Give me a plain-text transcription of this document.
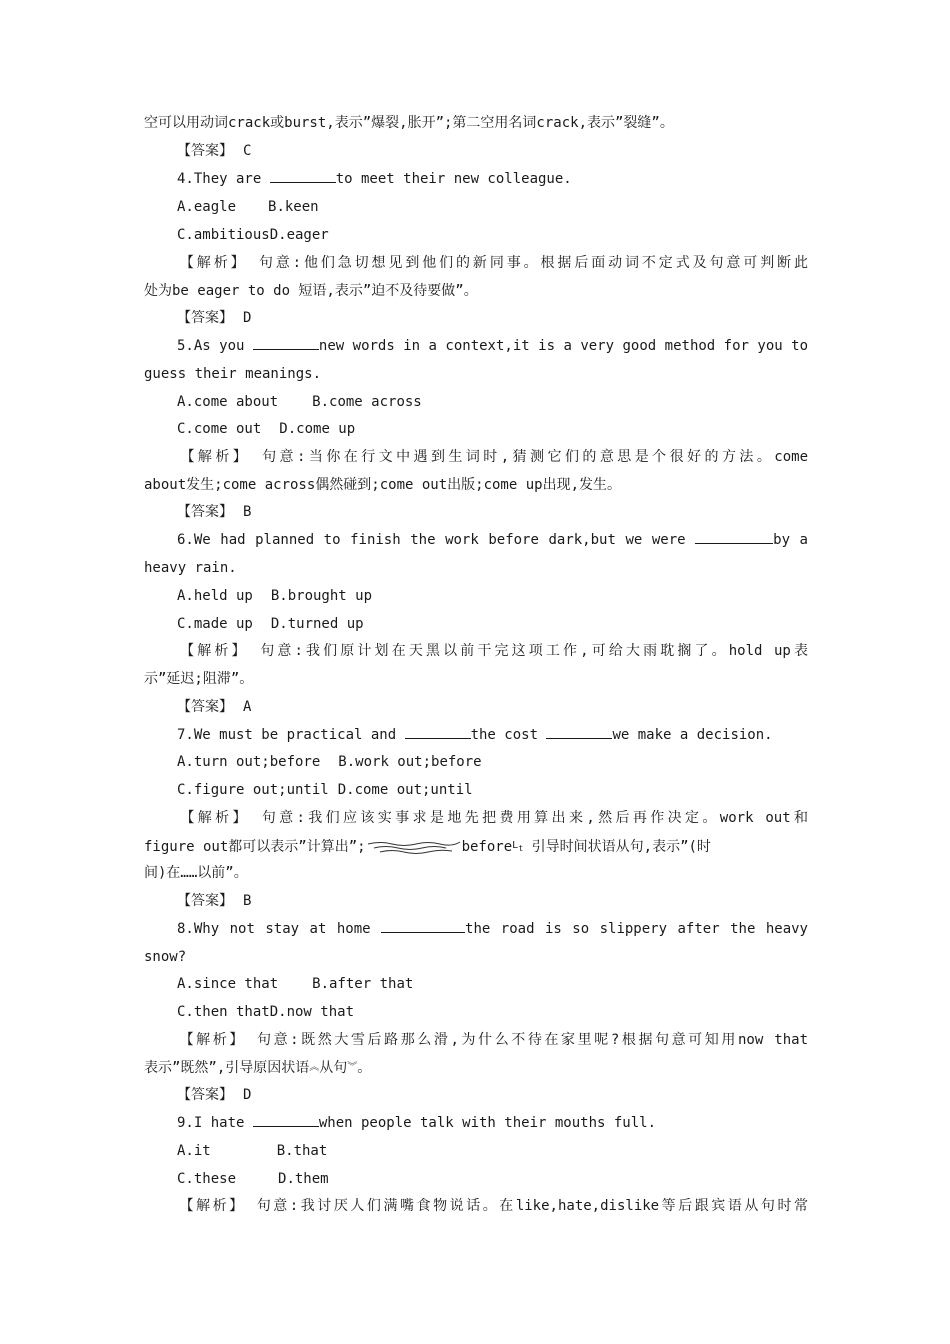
空可以用动词crack或burst,表示”爆裂,胀开”;第二空用名词crack,表示”裂缝”。
【答案】 C
4.They are	to meet their new colleague.
A.eagle B.keen
C.ambitiousD.eager
【解析】 句意:他们急切想见到他们的新同事。根据后面动词不定式及句意可判断此
处为be eager to do 短语,表示”迫不及待要做”。
【答案】 D
5.As you	new words in a context,it is a very good method for you to
guess their meanings.
A.come about B.come across
C.come out D.come up
【解析】 句意:当你在行文中遇到生词时,猜测它们的意思是个很好的方法。come
about发生;come across偶然碰到;come out出版;come up出现,发生。
【答案】 B
6.We had planned to finish the work before dark,but we were	by a
heavy rain.
A.held up B.brought up
C.made up D.turned up
【解析】 句意:我们原计划在天黑以前干完这项工作,可给大雨耽搁了。hold up表
示”延迟;阻滞”。
【答案】 A
7.We must be practical and	the cost	we make a decision.
A.turn out;before B.work out;before
C.figure out;until D.come out;until
【解析】 句意:我们应该实事求是地先把费用算出来,然后再作决定。work out和
figure out都可以表示”计算出”;	beforeL$_t$ 引导时间状语从句,表示”(时
间)在……以前”。
【答案】 B
8.Why not stay at home	the road is so slippery after the heavy
snow?
A.since that B.after that
C.then thatD.now that
【解析】 句意:既然大雪后路那么滑,为什么不待在家里呢?根据句意可知用now that
表示”既然”,引导原因状语︽从句︾。
【答案】 D
9.I hate	when people talk with their mouths full.
A.it	B.that
C.these	D.them
【解析】 句意:我讨厌人们满嘴食物说话。在like,hate,dislike等后跟宾语从句时常
